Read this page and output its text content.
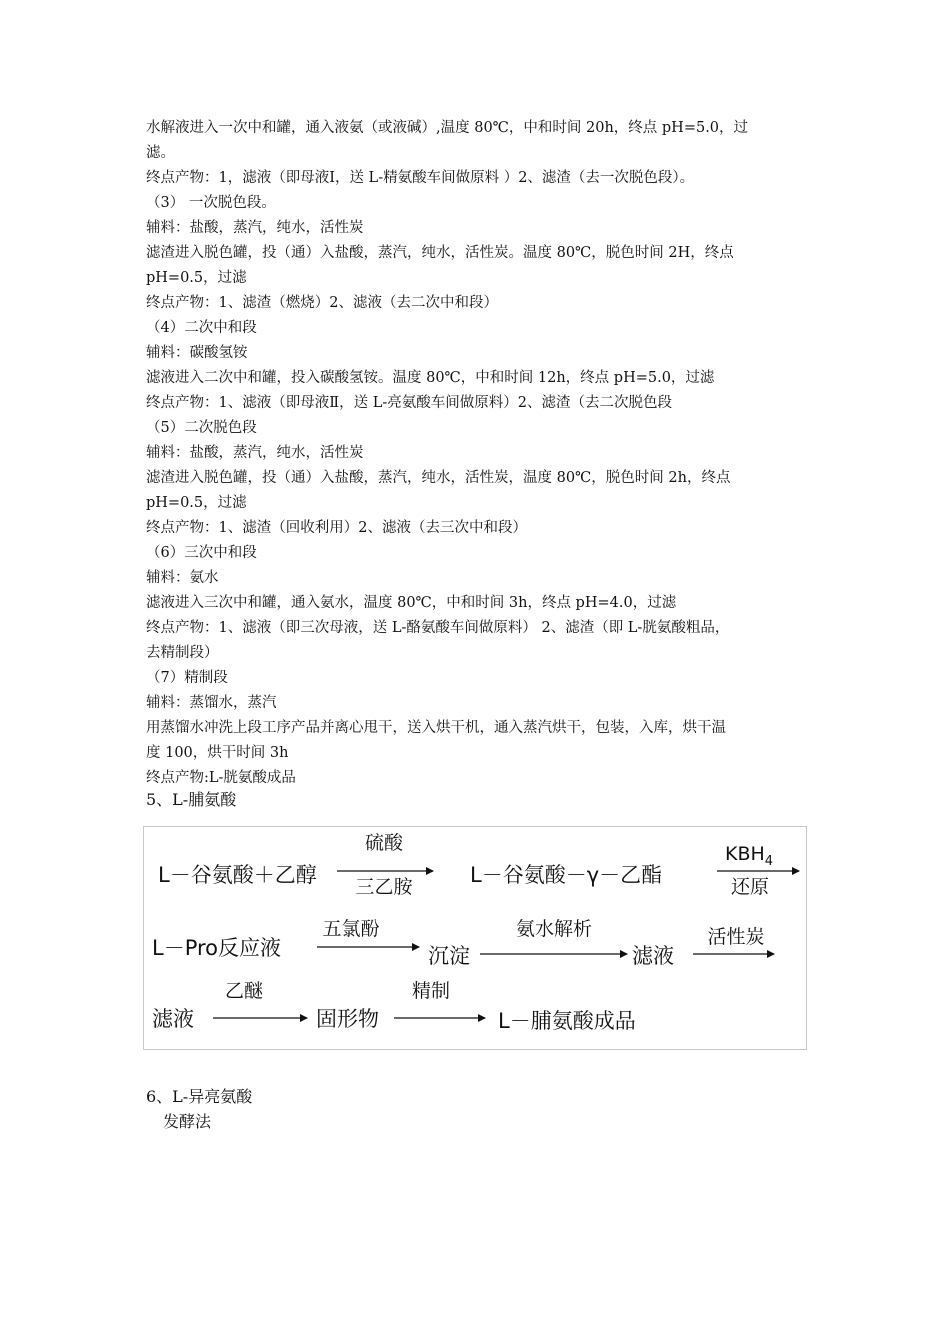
水解液进入一次中和罐，通入液氨（或液碱）,温度 80℃，中和时间 20h，终点 pH=5.0，过
滤。
终点产物：1，滤液（即母液Ⅰ，送 L-精氨酸车间做原料 ）2、滤渣（去一次脱色段）。
（3） 一次脱色段。
辅料：盐酸，蒸汽，纯水，活性炭
滤渣进入脱色罐，投（通）入盐酸，蒸汽，纯水，活性炭。温度 80℃，脱色时间 2H，终点
pH=0.5，过滤
终点产物：1、滤渣（燃烧）2、滤液（去二次中和段）
（4）二次中和段
辅料：碳酸氢铵
滤液进入二次中和罐，投入碳酸氢铵。温度 80℃，中和时间 12h，终点 pH=5.0，过滤
终点产物：1、滤液（即母液Ⅱ，送 L-亮氨酸车间做原料）2、滤渣（去二次脱色段
（5）二次脱色段
辅料：盐酸，蒸汽，纯水，活性炭
滤渣进入脱色罐，投（通）入盐酸，蒸汽，纯水，活性炭，温度 80℃，脱色时间 2h，终点
pH=0.5，过滤
终点产物：1、滤渣（回收利用）2、滤液（去三次中和段）
（6）三次中和段
辅料：氨水
滤液进入三次中和罐，通入氨水，温度 80℃，中和时间 3h，终点 pH=4.0，过滤
终点产物：1、滤液（即三次母液，送 L-酪氨酸车间做原料） 2、滤渣（即 L-胱氨酸粗品，
去精制段）
（7）精制段
辅料：蒸馏水，蒸汽
用蒸馏水冲洗上段工序产品并离心甩干，送入烘干机，通入蒸汽烘干，包装，入库，烘干温
度 100，烘干时间 3h
终点产物:L-胱氨酸成品
5、L-脯氨酸
L－谷氨酸＋乙醇
硫酸
三乙胺	L－谷氨酸－γ－乙酯
$KBH_4$
还原
L－Pro反应液
五氯酚
沉淀
氨水解析
滤液
活性炭
滤液
乙醚
固形物
精制
L－脯氨酸成品
6、L-异亮氨酸
发酵法
